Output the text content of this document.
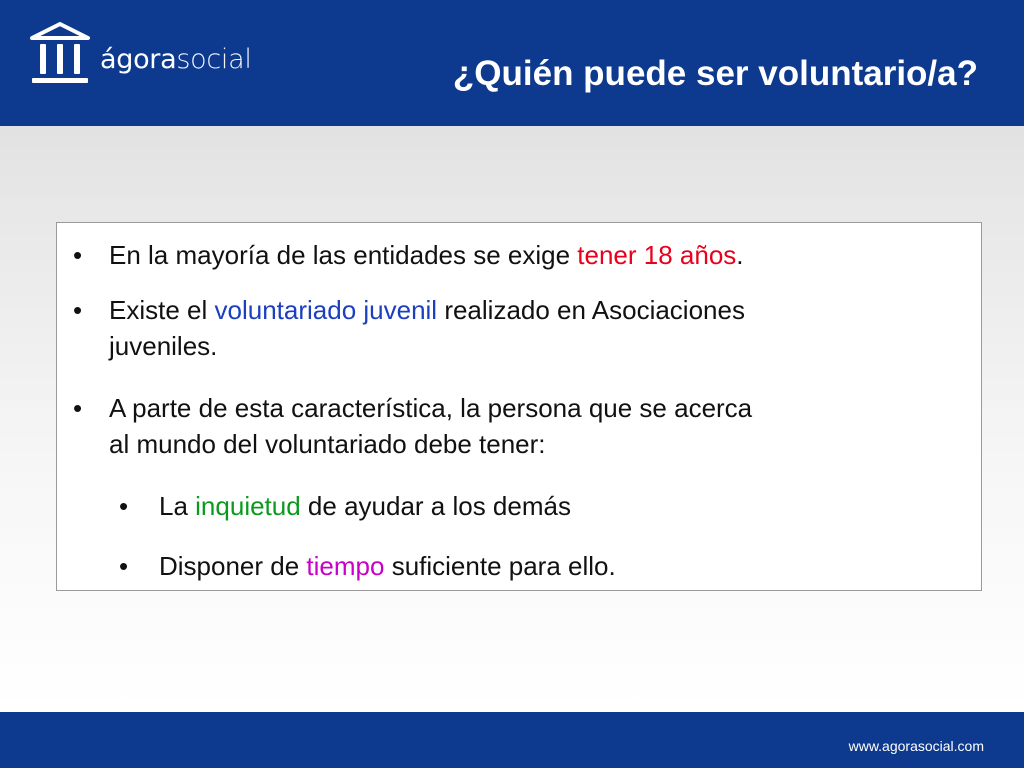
ágorasocial	¿Quién puede ser voluntario/a?
• En la mayoría de las entidades se exige tener 18 años.
• Existe el voluntariado juvenil realizado en Asociaciones
juveniles.
• A parte de esta característica, la persona que se acerca
al mundo del voluntariado debe tener:
• La inquietud de ayudar a los demás
• Disponer de tiempo suficiente para ello.
www.agorasocial.com
